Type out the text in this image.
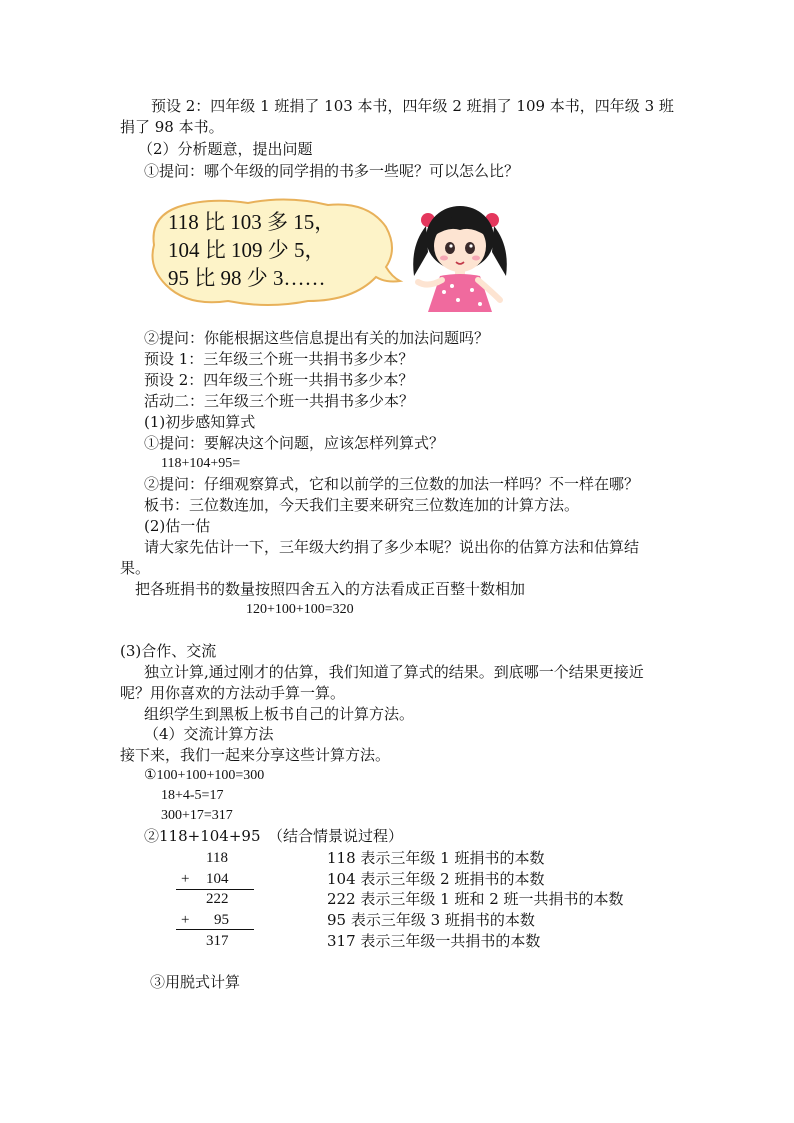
预设 2：四年级 1 班捐了 103 本书，四年级 2 班捐了 109 本书，四年级 3 班
捐了 98 本书。
（2）分析题意，提出问题
①提问：哪个年级的同学捐的书多一些呢？可以怎么比？
118 比 103 多 15，
104 比 109 少 5，
95 比 98 少 3……
②提问：你能根据这些信息提出有关的加法问题吗？
预设 1：三年级三个班一共捐书多少本？
预设 2：四年级三个班一共捐书多少本？
活动二：三年级三个班一共捐书多少本？
(1)初步感知算式
①提问：要解决这个问题，应该怎样列算式？
118+104+95=
②提问：仔细观察算式，它和以前学的三位数的加法一样吗？不一样在哪？
板书：三位数连加，今天我们主要来研究三位数连加的计算方法。
(2)估一估
请大家先估计一下，三年级大约捐了多少本呢？说出你的估算方法和估算结
果。
把各班捐书的数量按照四舍五入的方法看成正百整十数相加
120+100+100=320
(3)合作、交流
独立计算,通过刚才的估算，我们知道了算式的结果。到底哪一个结果更接近
呢？用你喜欢的方法动手算一算。
组织学生到黑板上板书自己的计算方法。
（4）交流计算方法
接下来，我们一起来分享这些计算方法。
①100+100+100=300
18+4-5=17
300+17=317
②118+104+95　（结合情景说过程）
118
+ 104
222
+ 95
317
118 表示三年级 1 班捐书的本数
104 表示三年级 2 班捐书的本数
222 表示三年级 1 班和 2 班一共捐书的本数
95 表示三年级 3 班捐书的本数
317 表示三年级一共捐书的本数
③用脱式计算
